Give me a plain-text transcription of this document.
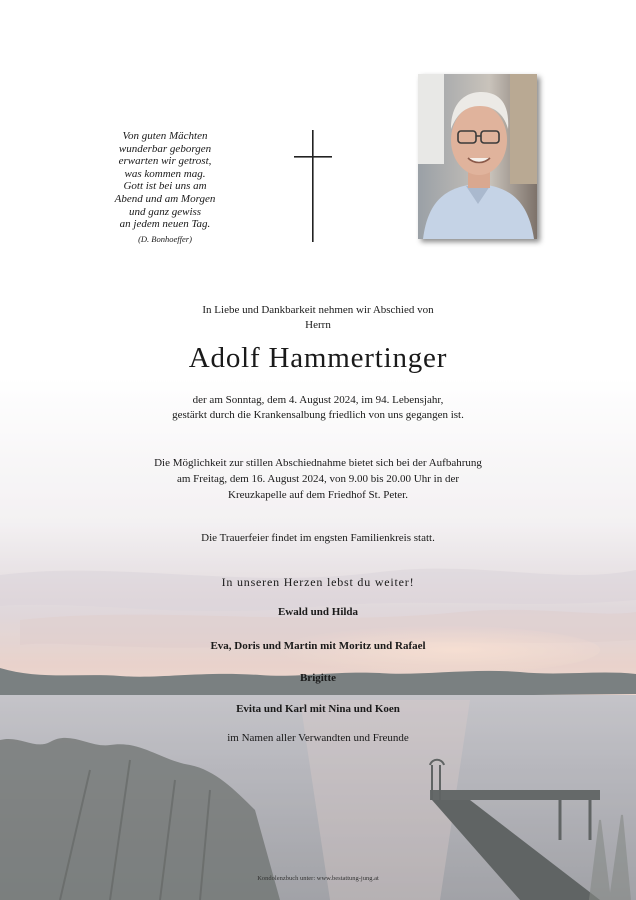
Von guten Mächten
wunderbar geborgen
erwarten wir getrost,
was kommen mag.
Gott ist bei uns am
Abend und am Morgen
und ganz gewiss
an jedem neuen Tag.
(D. Bonhoeffer)
In Liebe und Dankbarkeit nehmen wir Abschied von
Herrn
Adolf Hammertinger
der am Sonntag, dem 4. August 2024, im 94. Lebensjahr,
gestärkt durch die Krankensalbung friedlich von uns gegangen ist.
Die Möglichkeit zur stillen Abschiednahme bietet sich bei der Aufbahrung
am Freitag, dem 16. August 2024, von 9.00 bis 20.00 Uhr in der
Kreuzkapelle auf dem Friedhof St. Peter.
Die Trauerfeier findet im engsten Familienkreis statt.
In unseren Herzen lebst du weiter!
Ewald und Hilda
Eva, Doris und Martin mit Moritz und Rafael
Brigitte
Evita und Karl mit Nina und Koen
im Namen aller Verwandten und Freunde
Kondolenzbuch unter: www.bestattung-jung.at
